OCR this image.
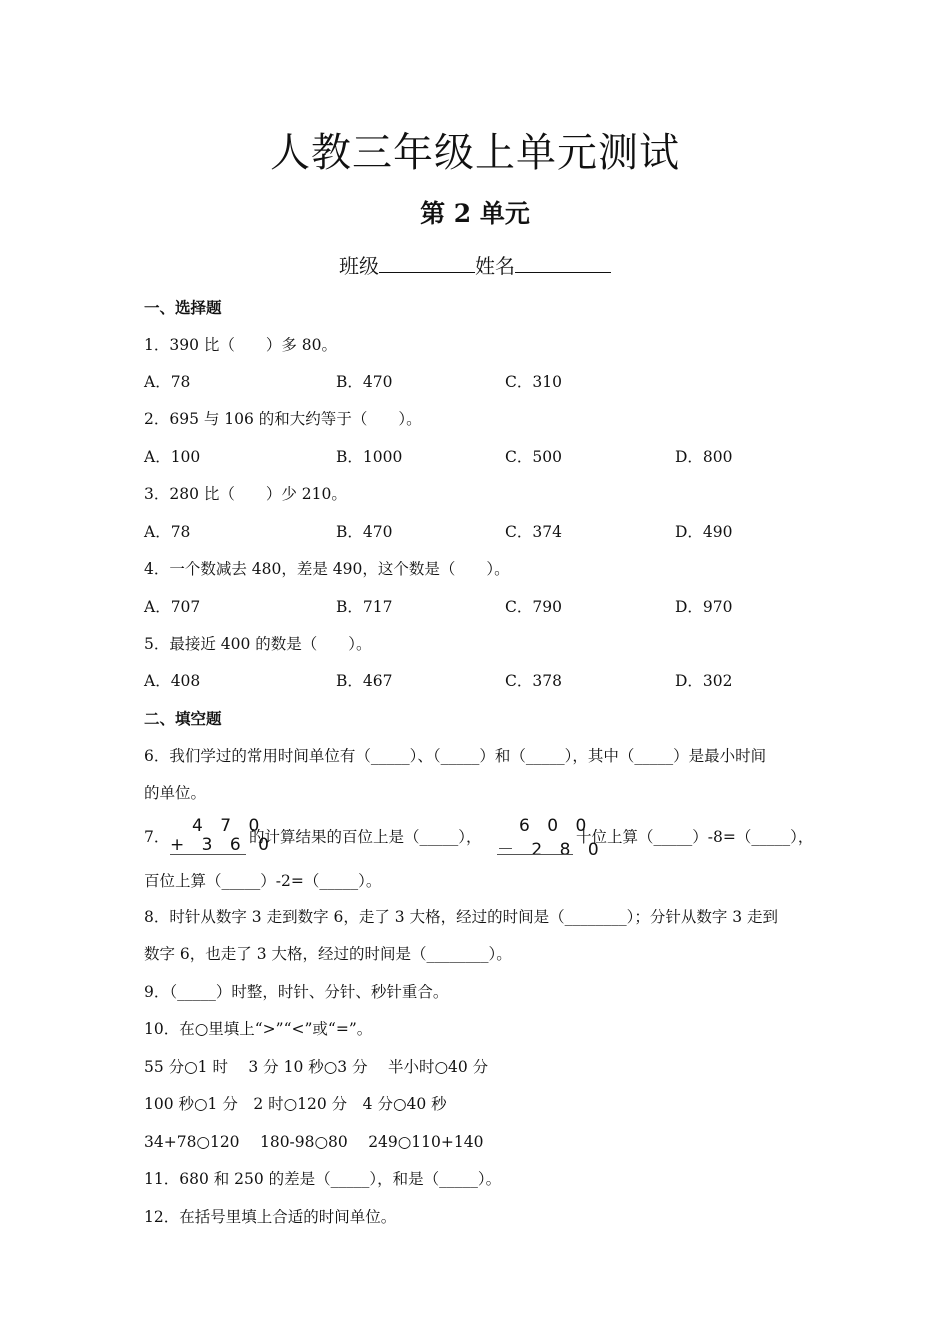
人教三年级上单元测试
第 2 单元
班级	姓名
一、选择题
1．390 比（　　）多 80。
A．78	B．470	C．310
2．695 与 106 的和大约等于（　　）。
A．100	B．1000	C．500	D．800
3．280 比（　　）少 210。
A．78	B．470	C．374	D．490
4．一个数减去 480，差是 490，这个数是（　　）。
A．707	B．717	C．790	D．970
5．最接近 400 的数是（　　）。
A．408	B．467	C．378	D．302
二、填空题
6．我们学过的常用时间单位有（_____）、（_____）和（_____），其中（_____）是最小时间
的单位。
7．
4 7 0
+ 3 6 0
的计算结果的百位上是（_____），
6 0 0
－ 2 8 0
十位上算（_____）-8=（_____），
百位上算（_____）-2=（_____）。
8．时针从数字 3 走到数字 6，走了 3 大格，经过的时间是（________）；分针从数字 3 走到
数字 6，也走了 3 大格，经过的时间是（________）。
9．（_____）时整，时针、分针、秒针重合。
10．在○里填上“>”“<”或“=”。
55 分○1 时　 3 分 10 秒○3 分　 半小时○40 分
100 秒○1 分　2 时○120 分　4 分○40 秒
34+78○120　 180-98○80　 249○110+140
11．680 和 250 的差是（_____），和是（_____）。
12．在括号里填上合适的时间单位。
